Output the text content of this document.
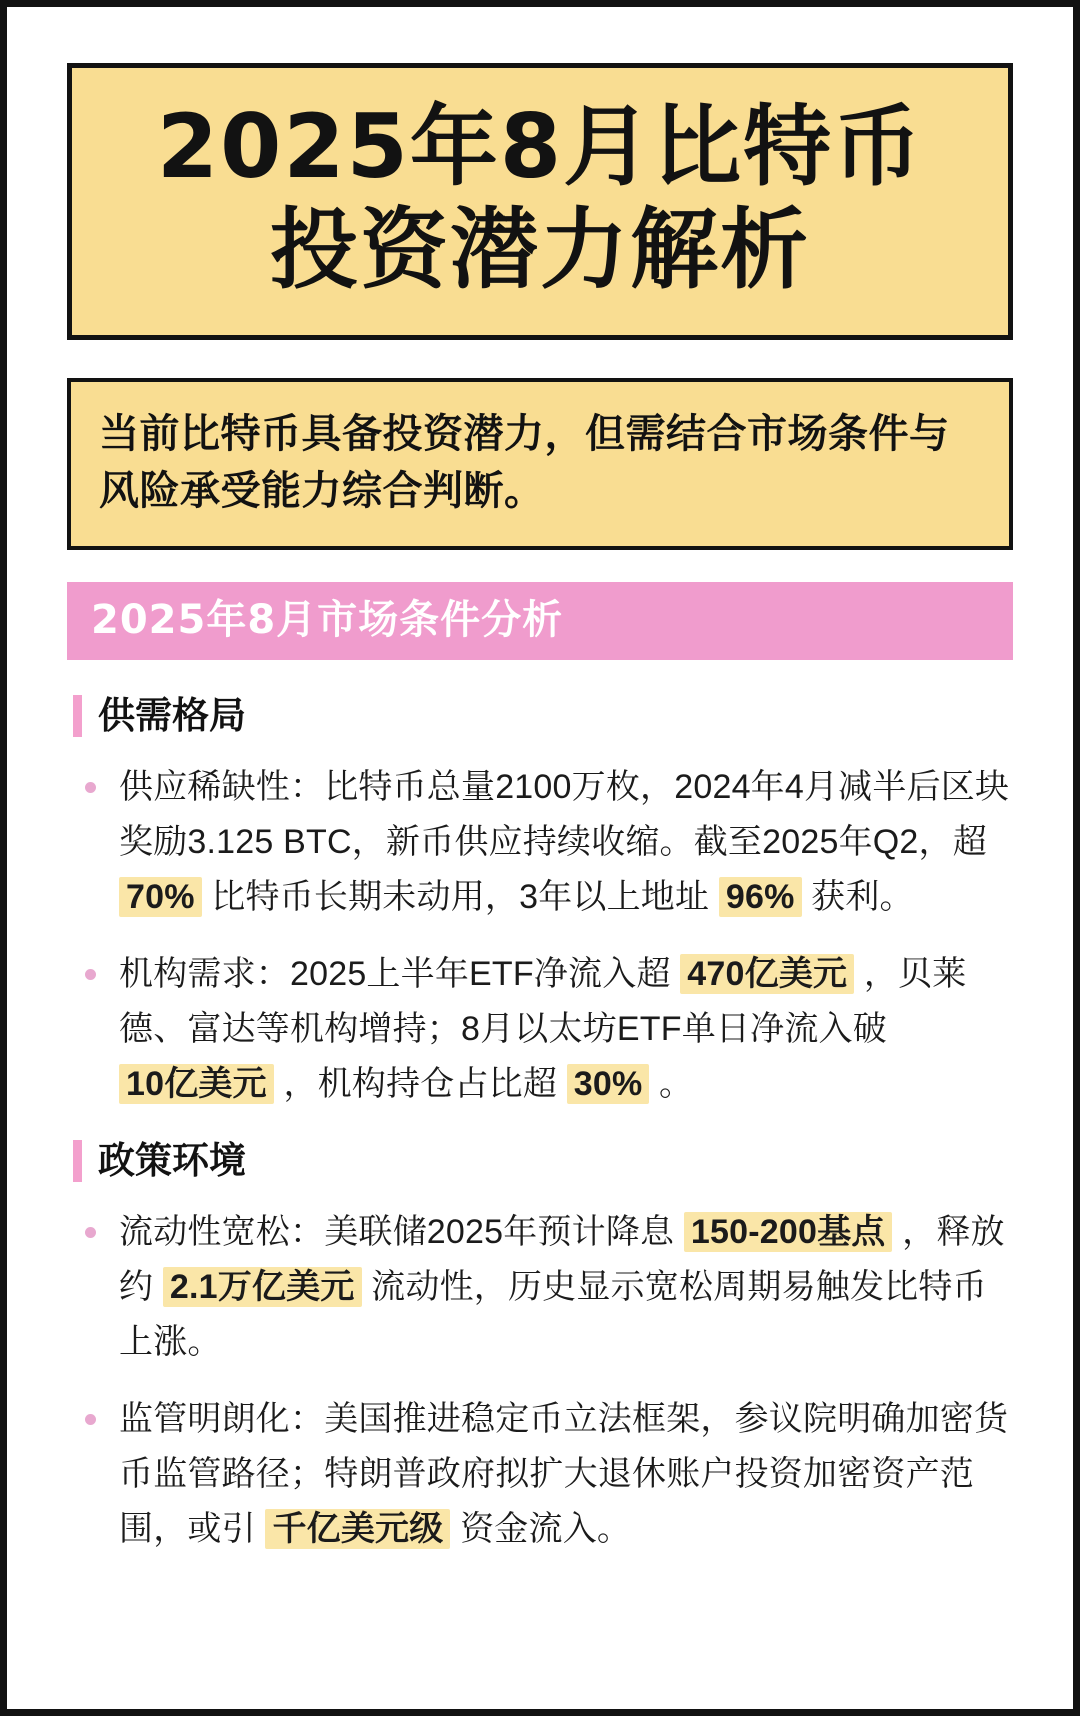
2025年8月比特币
投资潜力解析
当前比特币具备投资潜力，但需结合市场条件与风险承受能力综合判断。
2025年8月市场条件分析
供需格局
供应稀缺性：比特币总量2100万枚，2024年4月减半后区块奖励3.125 BTC，新币供应持续收缩。截至2025年Q2，超 70% 比特币长期未动用，3年以上地址 96% 获利。
机构需求：2025上半年ETF净流入超 470亿美元 ，贝莱德、富达等机构增持；8月以太坊ETF单日净流入破 10亿美元 ，机构持仓占比超 30% 。
政策环境
流动性宽松：美联储2025年预计降息 150-200基点 ，释放约 2.1万亿美元 流动性，历史显示宽松周期易触发比特币上涨。
监管明朗化：美国推进稳定币立法框架，参议院明确加密货币监管路径；特朗普政府拟扩大退休账户投资加密资产范围，或引 千亿美元级 资金流入。
